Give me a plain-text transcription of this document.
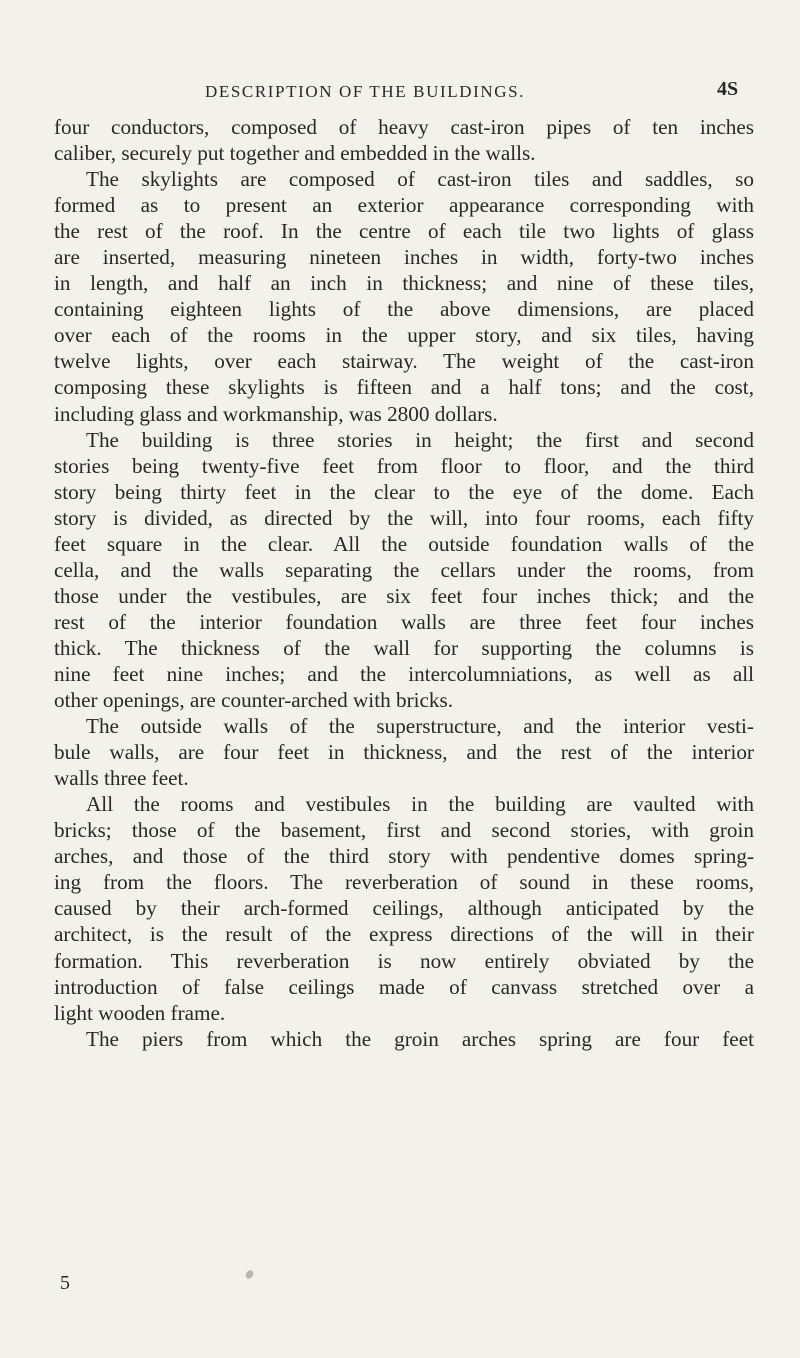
DESCRIPTION OF THE BUILDINGS.	4S
four conductors, composed of heavy cast-iron pipes of ten inches
caliber, securely put together and embedded in the walls.
The skylights are composed of cast-iron tiles and saddles, so
formed as to present an exterior appearance corresponding with
the rest of the roof. In the centre of each tile two lights of glass
are inserted, measuring nineteen inches in width, forty-two inches
in length, and half an inch in thickness; and nine of these tiles,
containing eighteen lights of the above dimensions, are placed
over each of the rooms in the upper story, and six tiles, having
twelve lights, over each stairway. The weight of the cast-iron
composing these skylights is fifteen and a half tons; and the cost,
including glass and workmanship, was 2800 dollars.
The building is three stories in height; the first and second
stories being twenty-five feet from floor to floor, and the third
story being thirty feet in the clear to the eye of the dome. Each
story is divided, as directed by the will, into four rooms, each fifty
feet square in the clear. All the outside foundation walls of the
cella, and the walls separating the cellars under the rooms, from
those under the vestibules, are six feet four inches thick; and the
rest of the interior foundation walls are three feet four inches
thick. The thickness of the wall for supporting the columns is
nine feet nine inches; and the intercolumniations, as well as all
other openings, are counter-arched with bricks.
The outside walls of the superstructure, and the interior vesti-
bule walls, are four feet in thickness, and the rest of the interior
walls three feet.
All the rooms and vestibules in the building are vaulted with
bricks; those of the basement, first and second stories, with groin
arches, and those of the third story with pendentive domes spring-
ing from the floors. The reverberation of sound in these rooms,
caused by their arch-formed ceilings, although anticipated by the
architect, is the result of the express directions of the will in their
formation. This reverberation is now entirely obviated by the
introduction of false ceilings made of canvass stretched over a
light wooden frame.
The piers from which the groin arches spring are four feet
5
